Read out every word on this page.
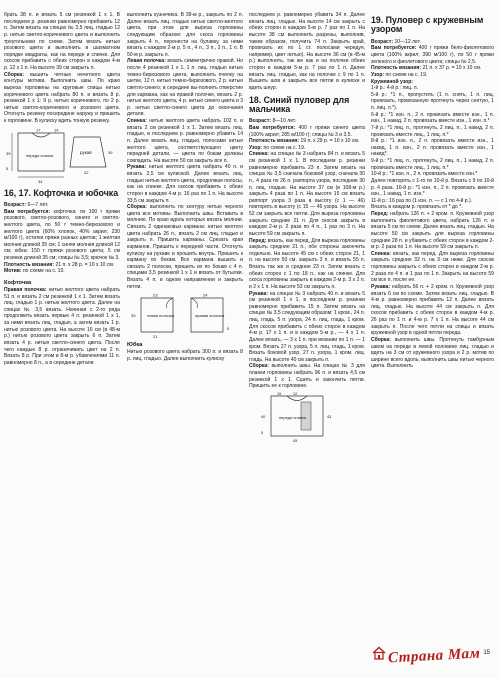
брать 38 п. и вязать 5 см резинкой 1 х 1. В последнем р. резинки равномерно прибавить 12 п. Затем вязать на спицах № 3,5 лиц. гладью 12 р. нитью светло-коричневого цвета и выполнить треугольники по схеме. Затем вязать нитью розового цвета и выполнить в шахматном порядке квадраты, как на переде и спинке. Для скосов прибавить с обеих сторон в каждом 4-м р. 12 х 1 п. На высоте 39 см закрыть п.

Сборка: вышить четные нечетного цвета контуры мотива. Выполнить швы. По краю выреза горловины на круговые спицы нитью коричневого цвета набрать 80 п. и вязать 8 р. резинкой 1 х 1: 9 р. нитью коричневого, по 2 р. нитью светло-коричневого и розового цвета. Отогнуть резинку посередине наружу и пришить к горловине. В кулиску вдеть тонкую резинку.

переди спинка
рукав
17	14
34
39
5
22
39
16, 17. Кофточка и юбочка

Возраст: 6—7 лет.

Вам потребуется: кофточка: по 100 г пряжи розового, светло-розового, синего и светло-желтого цвета, по 50 г темно-бирюзового и желтого цвета (60% хлопок, 40% акрил; 230 м/100 г), остатки пряжи разных цветов; 1 желтая молния длиной 35 см; 1 синяя молния длиной 12 см; юбка: 150 г пряжи розового цвета; 5 см резинки длиной 35 см; спицы № 3,5; крючок № 3.

Плотность вязания: 21 п. х 28 р. = 10 х 10 см.

Мотив: по схеме на с. 10.

Кофточка

Правая полочка: нитью желтого цвета набрать 51 п. и вязать 2 см резинкой 1 х 1. Затем вязать лиц. гладью 1 р. нитью желтого цвета. Далее на спицах № 3,5 вязать. Начиная с 2-го ряда продолжить вязать первые 4 п. резинкой 1 х 1, за ними вязать лиц. гладью, а затем вязать 1 р. нитью розового цвета. На высоте 16 см (в 48-м р.) нитью розового цвета закрыть 6 п. Затем вязать 4 р. нитью светло-синего цвета. После чего каждые 8 р. ограничивать цвет на 2 п. Вязать 8 р. При этом в 8-м р. убавлениями 11 п. равномерно 8 п., а в середине детали

выполнить кузнечика. В 39-м р., закрыть по 2 п. Далее вязать лиц. гладью нитью светло-желтого цвета, при этом для выреза горловины следующим образом: для скоса горловины закрыть 4 п., перенести на булавку, за ними вязать с каждом 2-м р. 5 п., 4 п., 3 п., 2 п., 1 п. В 50-м р. закрыть п.

Левая полочка: вязать симметрично правой. Но после 4 резинкой 1 х 1, 1 п. лиц. гладью нитью темно-бирюзового цвета, выполнить пчелку на шетке, 12 п. нитью темно-бирюзового, 2 р. нитью светло-синего; в середине вы-полнить отверстие для кармана, как на правой полочке, вязать 2 р. нитью желтого цвета, 4 р. нитью синего цвета и 3 р. нитью светло-синего цвета до окончания детали.

Спинка: нитью желтого цвета набрать 102 п. и вязать 2 см резинкой 1 х 1. Затем вязать лиц. гладью, в последнем р. равномерно убавить 14 п. Далее вязать лиц. гладью, полосами нитью желтого цвета, соответствующего цвету передней детали, — цвета по бокам должны совпадать. На высоте 50 см закрыть все п.

Рукава: нитью желтого цвета набрать 40 п. и вязать 2,5 см кулиской. Далее вязать лиц. гладью нитью желтого цвета, продолжая полосы, как на спинке. Для скосов прибавить с обеих сторон в каждом 4-м р. 16 раз по 1 п. На высоте 33,5 см закрыть п.

Сборка: выполнить по контуру нитью черного цвета все мотивы. Выполнить швы. Вставить в молнию. По краю вдоль которых вязать молнии. Связать 2 одинаковых кармана: нитью желтого цвета набрать 26 п., вязать 2 см лиц. гладью и закрыть п. Пришить карманы. Срезать края карманов. Пришить к передней части. Отогнуть кулиску на рукаве и прошить внутрь. Пришить к карману по бокам. Все кармана вышить и связать 2 полоски, пришить их по бокам с 4 п. спицами 3,5 резинкой 1 х 1 и вязать от бутылки. Вязать 4 п. в одном направлении и закрыть петли.

левая полочка	правая полочка
23	24
39
21
5
Юбка

Нитью розового цвета набрать 300 п. и вязать 8 р. лиц. гладью. Далее выполнить кулиску

последнем р. равномерно убавить 34 п. Далее вязать лиц. гладью. На высоте 14 см закрыть с обеих сторон в каждом 5-м р. 7 раз по 1 п. На высоте 38 см выполнить разрезы, выполнив, таким образом, получить 74 п. Закрыть край, провязать их по 1 ст. полосами чередуя, например, цвет нитью). На высоте 36 см (в 45-м р.) выполнить, так же как и на полочке обеих сторон в каждом 5-м р. 7 раз по 1 п. Далее вязать лиц. гладью, как на полочке с 9 по 1 п. Вышить шов и закрыть все петли в кулиске и вдеть шнур.

18. Синий пуловер для мальчика

Возраст: 8—10 лет.

Вам потребуется: 400 г пряжи синего цвета (100% акрил; 285 м/100 г); спицы № 3 и 3,5.

Плотность вязания: 19 п. х 29 р. = 10 х 10 см.

Узор: по схеме на с. 19.

Спинка: на спицах № 3 набрать 84 п. и вязать 5 см резинкой 1 х 1. В последнем р. резинки равномерно прибавить 23 п. Затем вязать на спицах № 3,5 сначала боковой узор, сначала 30 п., 4 раза по 26 п. раппорта узора, последние 30 п. лиц. гладью. На высоте 37 см (в 108-м р.) закрыть 4 раза по 1 п. На высоте 15 см вязать раппорт узора 3 раза в высоту (с 1 — 46) повторить в высоту (с 15 — 46 узора. На высоте 52 см закрыть все петли. Для выреза горловины закрыть средние 21 п. Для скосов закрыть в каждом 2-м р. 2 раза по 4 п., 1 раз по 3 п. На высоте 59 см закрыть п.

Перед: вязать, как перед, Для выреза горловины закрыть средние 21 п., обе стороны закончить отдельно. На высоте 45 см с обеих сторон 21, 1 п. на высоте 50 см. закрыть 3 п. и вязать 55 п. Вязать так же и средние 23 п. Затем вязать с обеих сторон с 1 по 18 п., как на спинке. Для скоса горловины закрыть в каждом 2-м р. 3 х 2 п. и 2 х 1 п. На высоте 53 см закрыть п.

Рукава: на спицах № 3 набрать 40 п. и вязать 5 см резинкой 1 х 1, в последнем р. резинки равномерно прибавить 15 п. Затем вязать на спицах № 3,5 следующим образом: 1 кром., 24 п. лиц. гладь, 5 п. узора, 24 п. лиц. гладь, 1 кром. Для скосов прибавить с обеих сторон в каждом 4-м р. 17 х 1 п. и в каждом 5-м р., — 4 х 1 п. Далее вязать, — 3 х 1 п. при вязании по 1 п. — 1 кром. Вязать 27 п. узора, 5 п. лиц. гладь, 1 кром. Вязать боковой узор, 27 п. узора, 1 кром. лиц. гладь. На высоте 40 см закрыть п.

Сборка: выполнить швы. На спицах № 3 для планки горловины набрать 96 п. и вязать 4,5 см резинкой 1 х 1. Сшить и закончить петли. Пришить ее к горловине.

переди спинка
15	12
43
40
5
45
19. Пуловер с кружевным узором

Возраст: 10—12 лет.

Вам потребуется: 400 г пряжи бело-фиолетового цвета (100% акрил; 390 м/100 г), по 50 г пряжи зеленого и фиолетового цвета; спицы № 2,5.

Плотность вязания: 21 п. х 37 р. = 10 х 10 см.

Узор: по схеме на с. 19.

Кружевной узор:

1-й р.: 4-й р.: лиц. п.

5-й р.: *1 п., пропустить (1 п. снять, 1 п. лиц. провязать, провязанную протянуть через снятую, 1 п. лиц. п.*).

6-й р.: *1 изн. п., 2 п. провязать вместе изн., 1 п. изн., 1 накид, 2 п. провязать вместе изн., 1 изн. п.*

7-й р.: *1 лиц. п., протянуть, 2 лиц. п., 1 накид, 2 п. провязать вместе лиц., 1 лиц. п.*

8-й р.: *1 изн. п., 2 п. провязать вместе изн., 1 накид, 1 п. изн., 2 п. провязать вместе изн., 1 накид*.

9-й р.: *1 лиц. п., протянуть, 2 лиц. п., 1 накид, 2 п. провязать вместе лиц., 1 лиц. п.*

10-й р.: *1 изн. п., 2 п. провязать вместе изн.*

Далее повторять с 1-го по 10-й р. Вязать с 9 по 10-й р. 4 раза. 10-й р.: *1 изн. п., 2 п. провязать вместе изн., 1 накид, 1 п. изн.*

11-й р.: 16 раз по (1 изн. п. — с 1 по 4-й р.).

Вязать в каждом р. провязать от * до *.

Перед: набрать 126 п. + 2 кром. п. Кружевной узор выполнить фиолетового цвета, набрать 126 п. и вязать 5 см по схеме. Далее вязать лиц. гладью. На высоте 50 см закрыть для выреза горловины средние 28 п. и убавить с обеих сторон в каждом 2-м р. 2 раза по 1 п. На высоте 59 см закрыть п.

Спинка: вязать, как перед. Для выреза горловины закрыть средние 32 п. на 3 см ниже. Для скосов горловины закрыть с обеих сторон в каждом 2-м р. 2 раза по 4 п. и 1 раз по 1 п. Закрыть на высоте 59 см все п. после ее.

Рукава: набрать 56 п. + 2 кром. п. Кружевной узор вязать 6 см по схеме. Затем вязать лиц. гладью. В 4-м р. равномерно прибавить 12 п. Далее вязать лиц. гладью. На высоте 44 см закрыть п. Для скосов прибавить с обеих сторон в каждом 4-м р. 26 раз по 1 п. и 4-м р. 7 х 1 п. На высоте 44 см закрыть п. После чего петли на спицы и вязать кружевной узор в одной петли переда.

Сборка: выполнить швы. Протянуть тамбурным швом на переде в левой половине лиц. гладью и вдеть на 3 см от кружевного узора и 2 р. мотив по ширине всего вдоль; выполнить швы нитью черного цвета. Выполнить

Страна Мам 15
